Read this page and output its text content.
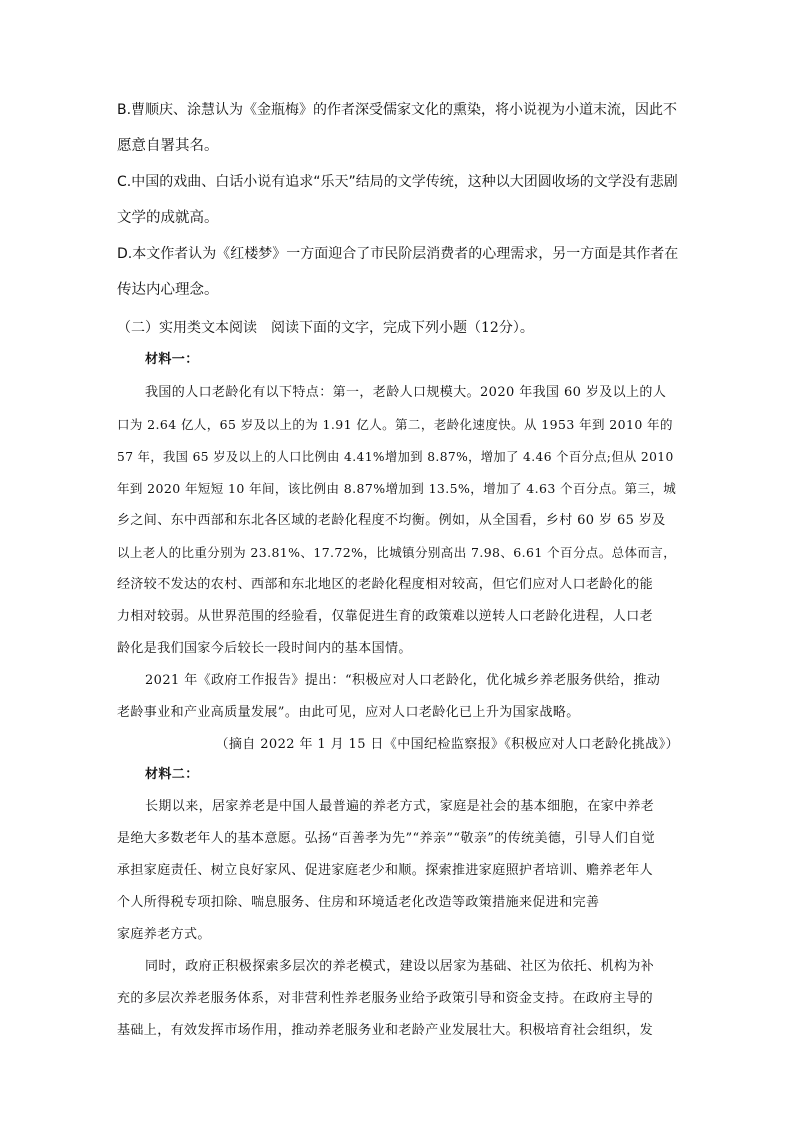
B.曹顺庆、涂慧认为《金瓶梅》的作者深受儒家文化的熏染，将小说视为小道末流，因此不
愿意自署其名。
C.中国的戏曲、白话小说有追求“乐天”结局的文学传统，这种以大团圆收场的文学没有悲剧
文学的成就高。
D.本文作者认为《红楼梦》一方面迎合了市民阶层消费者的心理需求，另一方面是其作者在
传达内心理念。
（二）实用类文本阅读　阅读下面的文字，完成下列小题（12分）。
材料一：
我国的人口老龄化有以下特点：第一，老龄人口规模大。2020 年我国 60 岁及以上的人
口为 2.64 亿人，65 岁及以上的为 1.91 亿人。第二，老龄化速度快。从 1953 年到 2010 年的
57 年，我国 65 岁及以上的人口比例由 4.41%增加到 8.87%，增加了 4.46 个百分点;但从 2010
年到 2020 年短短 10 年间，该比例由 8.87%增加到 13.5%，增加了 4.63 个百分点。第三，城
乡之间、东中西部和东北各区域的老龄化程度不均衡。例如，从全国看，乡村 60 岁 65 岁及
以上老人的比重分别为 23.81%、17.72%，比城镇分别高出 7.98、6.61 个百分点。总体而言，
经济较不发达的农村、西部和东北地区的老龄化程度相对较高，但它们应对人口老龄化的能
力相对较弱。从世界范围的经验看，仅靠促进生育的政策难以逆转人口老龄化进程，人口老
龄化是我们国家今后较长一段时间内的基本国情。
2021 年《政府工作报告》提出：“积极应对人口老龄化，优化城乡养老服务供给，推动
老龄事业和产业高质量发展”。由此可见，应对人口老龄化已上升为国家战略。
（摘自 2022 年 1 月 15 日《中国纪检监察报》《积极应对人口老龄化挑战》）
材料二：
长期以来，居家养老是中国人最普遍的养老方式，家庭是社会的基本细胞，在家中养老
是绝大多数老年人的基本意愿。弘扬“百善孝为先”“养亲”“敬亲”的传统美德，引导人们自觉
承担家庭责任、树立良好家风、促进家庭老少和顺。探索推进家庭照护者培训、赡养老年人
个人所得税专项扣除、喘息服务、住房和环境适老化改造等政策措施来促进和完善
家庭养老方式。
同时，政府正积极探索多层次的养老模式，建设以居家为基础、社区为依托、机构为补
充的多层次养老服务体系，对非营利性养老服务业给予政策引导和资金支持。在政府主导的
基础上，有效发挥市场作用，推动养老服务业和老龄产业发展壮大。积极培育社会组织，发
